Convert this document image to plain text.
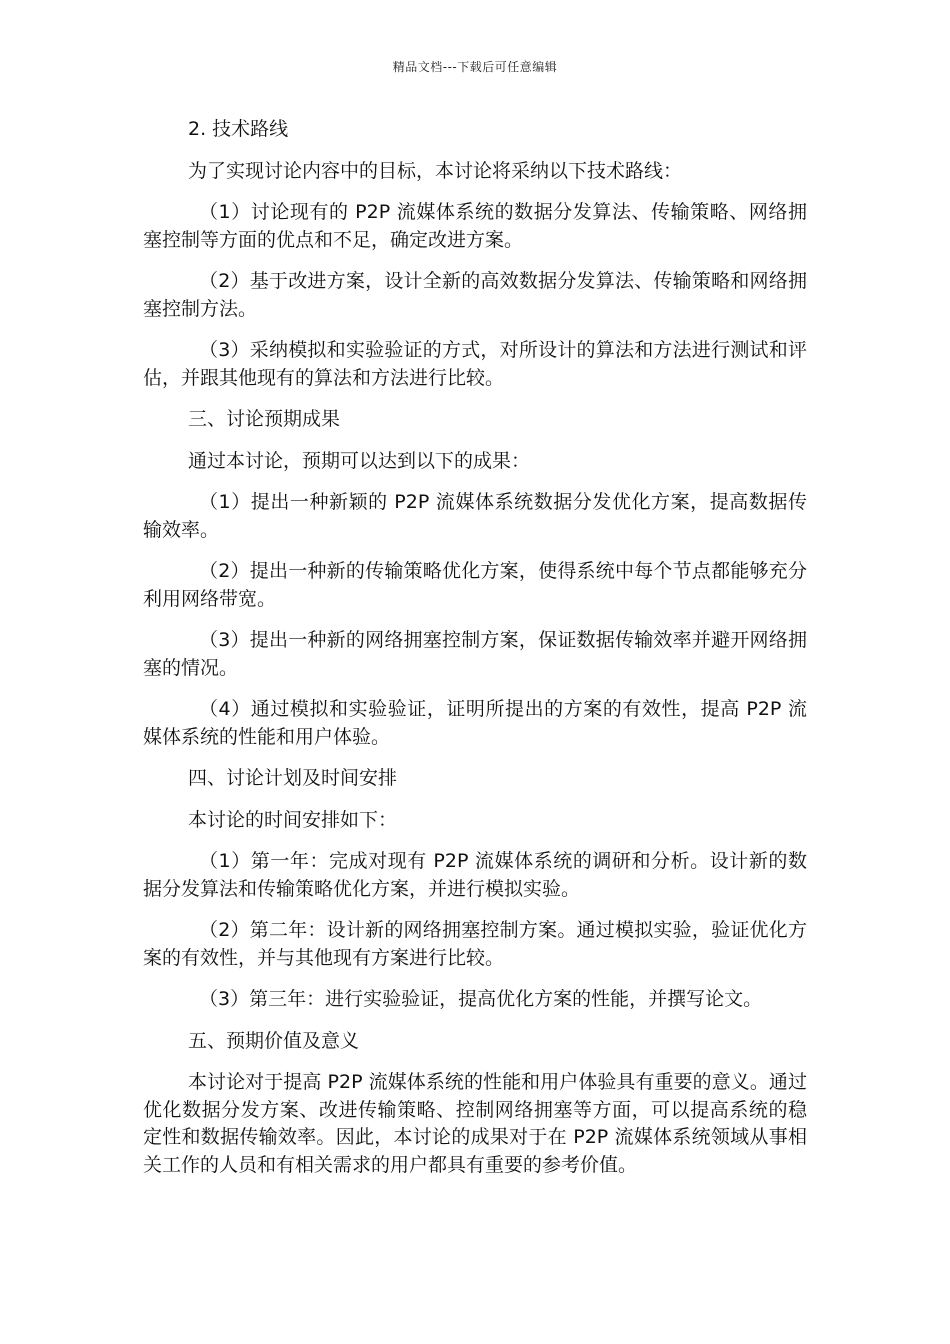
精品文档---下载后可任意编辑

2. 技术路线

为了实现讨论内容中的目标，本讨论将采纳以下技术路线：

（1）讨论现有的 P2P 流媒体系统的数据分发算法、传输策略、网络拥塞控制等方面的优点和不足，确定改进方案。

（2）基于改进方案，设计全新的高效数据分发算法、传输策略和网络拥塞控制方法。

（3）采纳模拟和实验验证的方式，对所设计的算法和方法进行测试和评估，并跟其他现有的算法和方法进行比较。

三、讨论预期成果

通过本讨论，预期可以达到以下的成果：

（1）提出一种新颖的 P2P 流媒体系统数据分发优化方案，提高数据传输效率。

（2）提出一种新的传输策略优化方案，使得系统中每个节点都能够充分利用网络带宽。

（3）提出一种新的网络拥塞控制方案，保证数据传输效率并避开网络拥塞的情况。

（4）通过模拟和实验验证，证明所提出的方案的有效性，提高 P2P 流媒体系统的性能和用户体验。

四、讨论计划及时间安排

本讨论的时间安排如下：

（1）第一年：完成对现有 P2P 流媒体系统的调研和分析。设计新的数据分发算法和传输策略优化方案，并进行模拟实验。

（2）第二年：设计新的网络拥塞控制方案。通过模拟实验，验证优化方案的有效性，并与其他现有方案进行比较。

（3）第三年：进行实验验证，提高优化方案的性能，并撰写论文。

五、预期价值及意义

本讨论对于提高 P2P 流媒体系统的性能和用户体验具有重要的意义。通过优化数据分发方案、改进传输策略、控制网络拥塞等方面，可以提高系统的稳定性和数据传输效率。因此，本讨论的成果对于在 P2P 流媒体系统领域从事相关工作的人员和有相关需求的用户都具有重要的参考价值。
